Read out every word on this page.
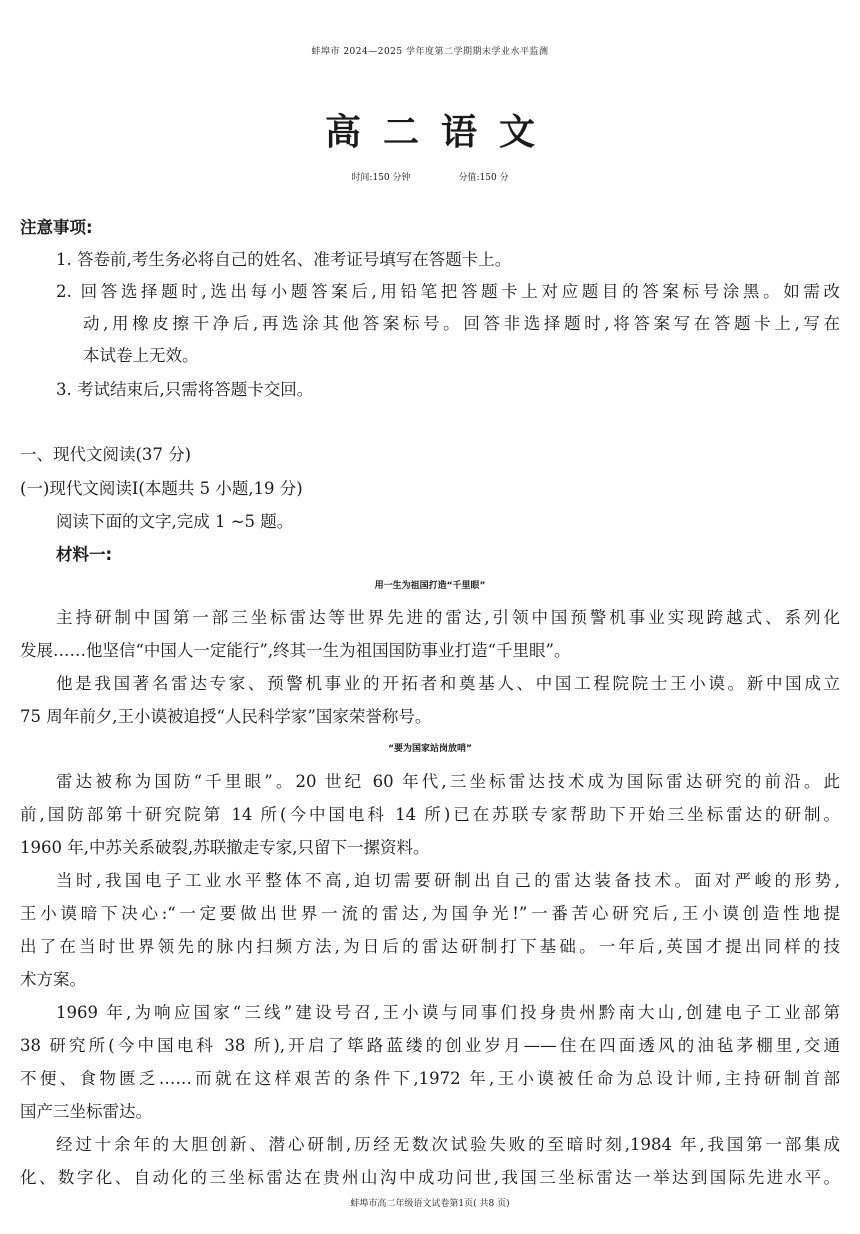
蚌埠市 2024—2025 学年度第二学期期末学业水平监测
高二语文
时间:150 分钟	分值:150 分
注意事项:
1. 答卷前,考生务必将自己的姓名、准考证号填写在答题卡上。
2. 回答选择题时,选出每小题答案后,用铅笔把答题卡上对应题目的答案标号涂黑。如需改
动,用橡皮擦干净后,再选涂其他答案标号。回答非选择题时,将答案写在答题卡上,写在
本试卷上无效。
3. 考试结束后,只需将答题卡交回。
一、现代文阅读(37 分)
(一)现代文阅读Ⅰ(本题共 5 小题,19 分)
阅读下面的文字,完成 1 ~5 题。
材料一:
用一生为祖国打造“千里眼”
主持研制中国第一部三坐标雷达等世界先进的雷达,引领中国预警机事业实现跨越式、系列化
发展……他坚信“中国人一定能行”,终其一生为祖国国防事业打造“千里眼”。
他是我国著名雷达专家、预警机事业的开拓者和奠基人、中国工程院院士王小谟。新中国成立
75 周年前夕,王小谟被追授“人民科学家”国家荣誉称号。
“要为国家站岗放哨”
雷达被称为国防“千里眼”。20 世纪 60 年代,三坐标雷达技术成为国际雷达研究的前沿。此
前,国防部第十研究院第 14 所(今中国电科 14 所)已在苏联专家帮助下开始三坐标雷达的研制。
1960 年,中苏关系破裂,苏联撤走专家,只留下一摞资料。
当时,我国电子工业水平整体不高,迫切需要研制出自己的雷达装备技术。面对严峻的形势,
王小谟暗下决心:“一定要做出世界一流的雷达,为国争光!”一番苦心研究后,王小谟创造性地提
出了在当时世界领先的脉内扫频方法,为日后的雷达研制打下基础。一年后,英国才提出同样的技
术方案。
1969 年,为响应国家“三线”建设号召,王小谟与同事们投身贵州黔南大山,创建电子工业部第
38 研究所(今中国电科 38 所),开启了筚路蓝缕的创业岁月——住在四面透风的油毡茅棚里,交通
不便、食物匮乏……而就在这样艰苦的条件下,1972 年,王小谟被任命为总设计师,主持研制首部
国产三坐标雷达。
经过十余年的大胆创新、潜心研制,历经无数次试验失败的至暗时刻,1984 年,我国第一部集成
化、数字化、自动化的三坐标雷达在贵州山沟中成功问世,我国三坐标雷达一举达到国际先进水平。
蚌埠市高二年级语文试卷第1页( 共8 页)
